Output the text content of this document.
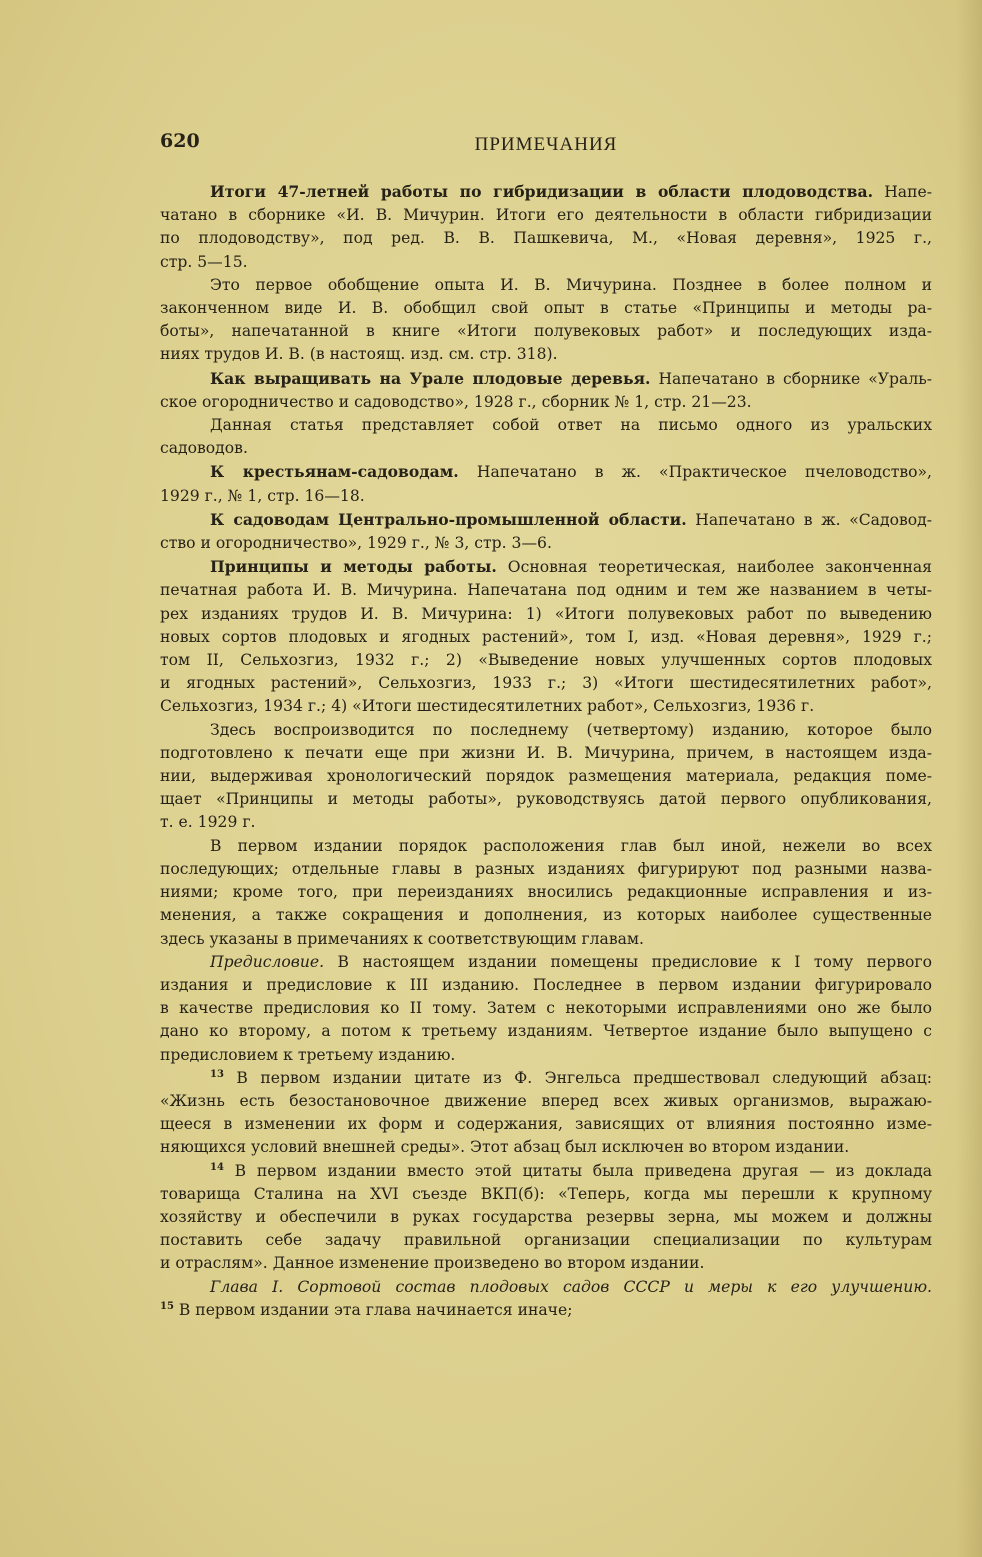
620	ПРИМЕЧАНИЯ
Итоги 47-летней работы по гибридизации в области плодоводства. Напе-
чатано в сборнике «И. В. Мичурин. Итоги его деятельности в области гибридизации
по плодоводству», под ред. В. В. Пашкевича, М., «Новая деревня», 1925 г.,
стр. 5—15.
Это первое обобщение опыта И. В. Мичурина. Позднее в более полном и
законченном виде И. В. обобщил свой опыт в статье «Принципы и методы ра-
боты», напечатанной в книге «Итоги полувековых работ» и последующих изда-
ниях трудов И. В. (в настоящ. изд. см. стр. 318).
Как выращивать на Урале плодовые деревья. Напечатано в сборнике «Ураль-
ское огородничество и садоводство», 1928 г., сборник № 1, стр. 21—23.
Данная статья представляет собой ответ на письмо одного из уральских
садоводов.
К крестьянам-садоводам. Напечатано в ж. «Практическое пчеловодство»,
1929 г., № 1, стр. 16—18.
К садоводам Центрально-промышленной области. Напечатано в ж. «Садовод-
ство и огородничество», 1929 г., № 3, стр. 3—6.
Принципы и методы работы. Основная теоретическая, наиболее законченная
печатная работа И. В. Мичурина. Напечатана под одним и тем же названием в четы-
рех изданиях трудов И. В. Мичурина: 1) «Итоги полувековых работ по выведению
новых сортов плодовых и ягодных растений», том I, изд. «Новая деревня», 1929 г.;
том II, Сельхозгиз, 1932 г.; 2) «Выведение новых улучшенных сортов плодовых
и ягодных растений», Сельхозгиз, 1933 г.; 3) «Итоги шестидесятилетних работ»,
Сельхозгиз, 1934 г.; 4) «Итоги шестидесятилетних работ», Сельхозгиз, 1936 г.
Здесь воспроизводится по последнему (четвертому) изданию, которое было
подготовлено к печати еще при жизни И. В. Мичурина, причем, в настоящем изда-
нии, выдерживая хронологический порядок размещения материала, редакция поме-
щает «Принципы и методы работы», руководствуясь датой первого опубликования,
т. е. 1929 г.
В первом издании порядок расположения глав был иной, нежели во всех
последующих; отдельные главы в разных изданиях фигурируют под разными назва-
ниями; кроме того, при переизданиях вносились редакционные исправления и из-
менения, а также сокращения и дополнения, из которых наиболее существенные
здесь указаны в примечаниях к соответствующим главам.
Предисловие. В настоящем издании помещены предисловие к I тому первого
издания и предисловие к III изданию. Последнее в первом издании фигурировало
в качестве предисловия ко II тому. Затем с некоторыми исправлениями оно же было
дано ко второму, а потом к третьему изданиям. Четвертое издание было выпущено с
предисловием к третьему изданию.
$^{13}$ В первом издании цитате из Ф. Энгельса предшествовал следующий абзац:
«Жизнь есть безостановочное движение вперед всех живых организмов, выражаю-
щееся в изменении их форм и содержания, зависящих от влияния постоянно изме-
няющихся условий внешней среды». Этот абзац был исключен во втором издании.
$^{14}$ В первом издании вместо этой цитаты была приведена другая — из доклада
товарища Сталина на XVI съезде ВКП(б): «Теперь, когда мы перешли к крупному
хозяйству и обеспечили в руках государства резервы зерна, мы можем и должны
поставить себе задачу правильной организации специализации по культурам
и отраслям». Данное изменение произведено во втором издании.
Глава I. Сортовой состав плодовых садов СССР и меры к его улучшению.
$^{15}$ В первом издании эта глава начинается иначе;
